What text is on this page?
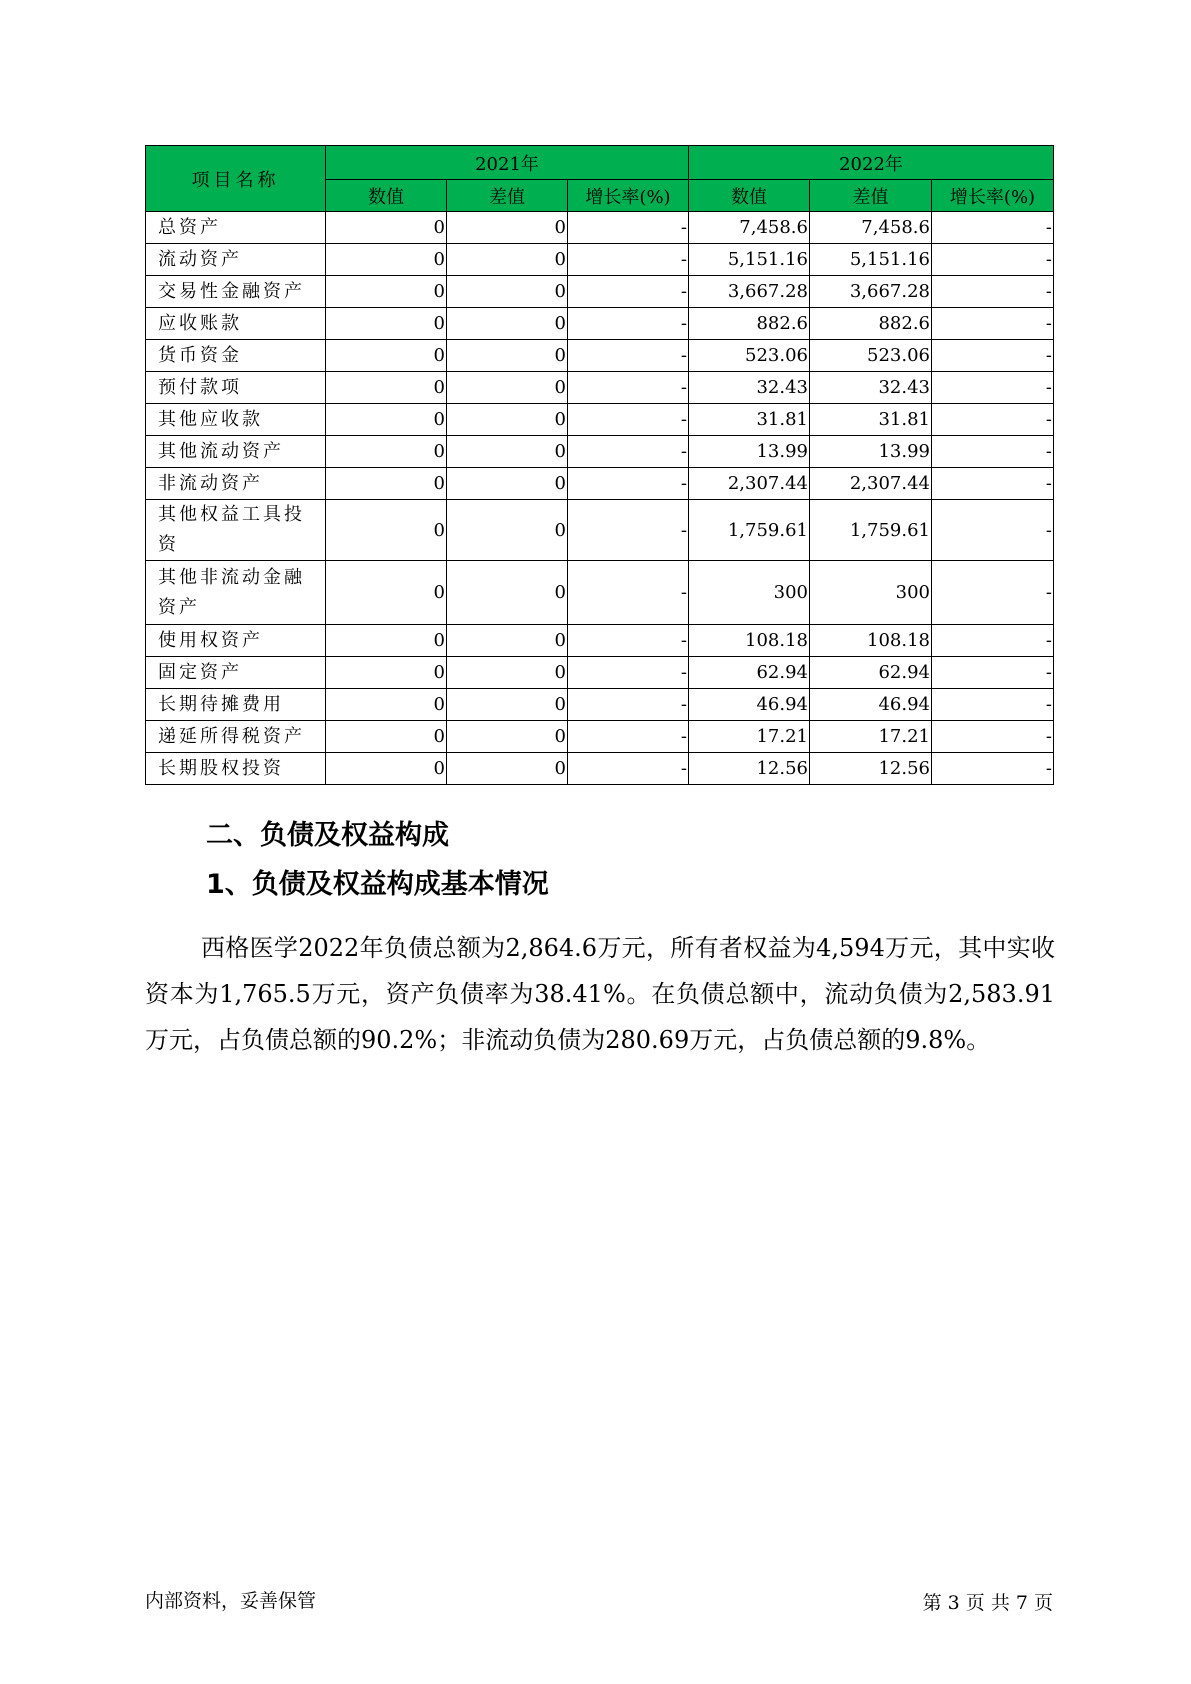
项目名称	2021年			2022年		
	数值	差值	增长率(%)	数值	差值	增长率(%)
总资产	0	0	-	7,458.6	7,458.6	-
流动资产	0	0	-	5,151.16	5,151.16	-
交易性金融资产	0	0	-	3,667.28	3,667.28	-
应收账款	0	0	-	882.6	882.6	-
货币资金	0	0	-	523.06	523.06	-
预付款项	0	0	-	32.43	32.43	-
其他应收款	0	0	-	31.81	31.81	-
其他流动资产	0	0	-	13.99	13.99	-
非流动资产	0	0	-	2,307.44	2,307.44	-
其他权益工具投资	0	0	-	1,759.61	1,759.61	-
其他非流动金融资产	0	0	-	300	300	-
使用权资产	0	0	-	108.18	108.18	-
固定资产	0	0	-	62.94	62.94	-
长期待摊费用	0	0	-	46.94	46.94	-
递延所得税资产	0	0	-	17.21	17.21	-
长期股权投资	0	0	-	12.56	12.56	-
二、负债及权益构成
1、负债及权益构成基本情况

西格医学2022年负债总额为2,864.6万元，所有者权益为4,594万元，其中实收资本为1,765.5万元，资产负债率为38.41%。在负债总额中，流动负债为2,583.91万元，占负债总额的90.2%；非流动负债为280.69万元，占负债总额的9.8%。

内部资料，妥善保管	第 3 页 共 7 页
